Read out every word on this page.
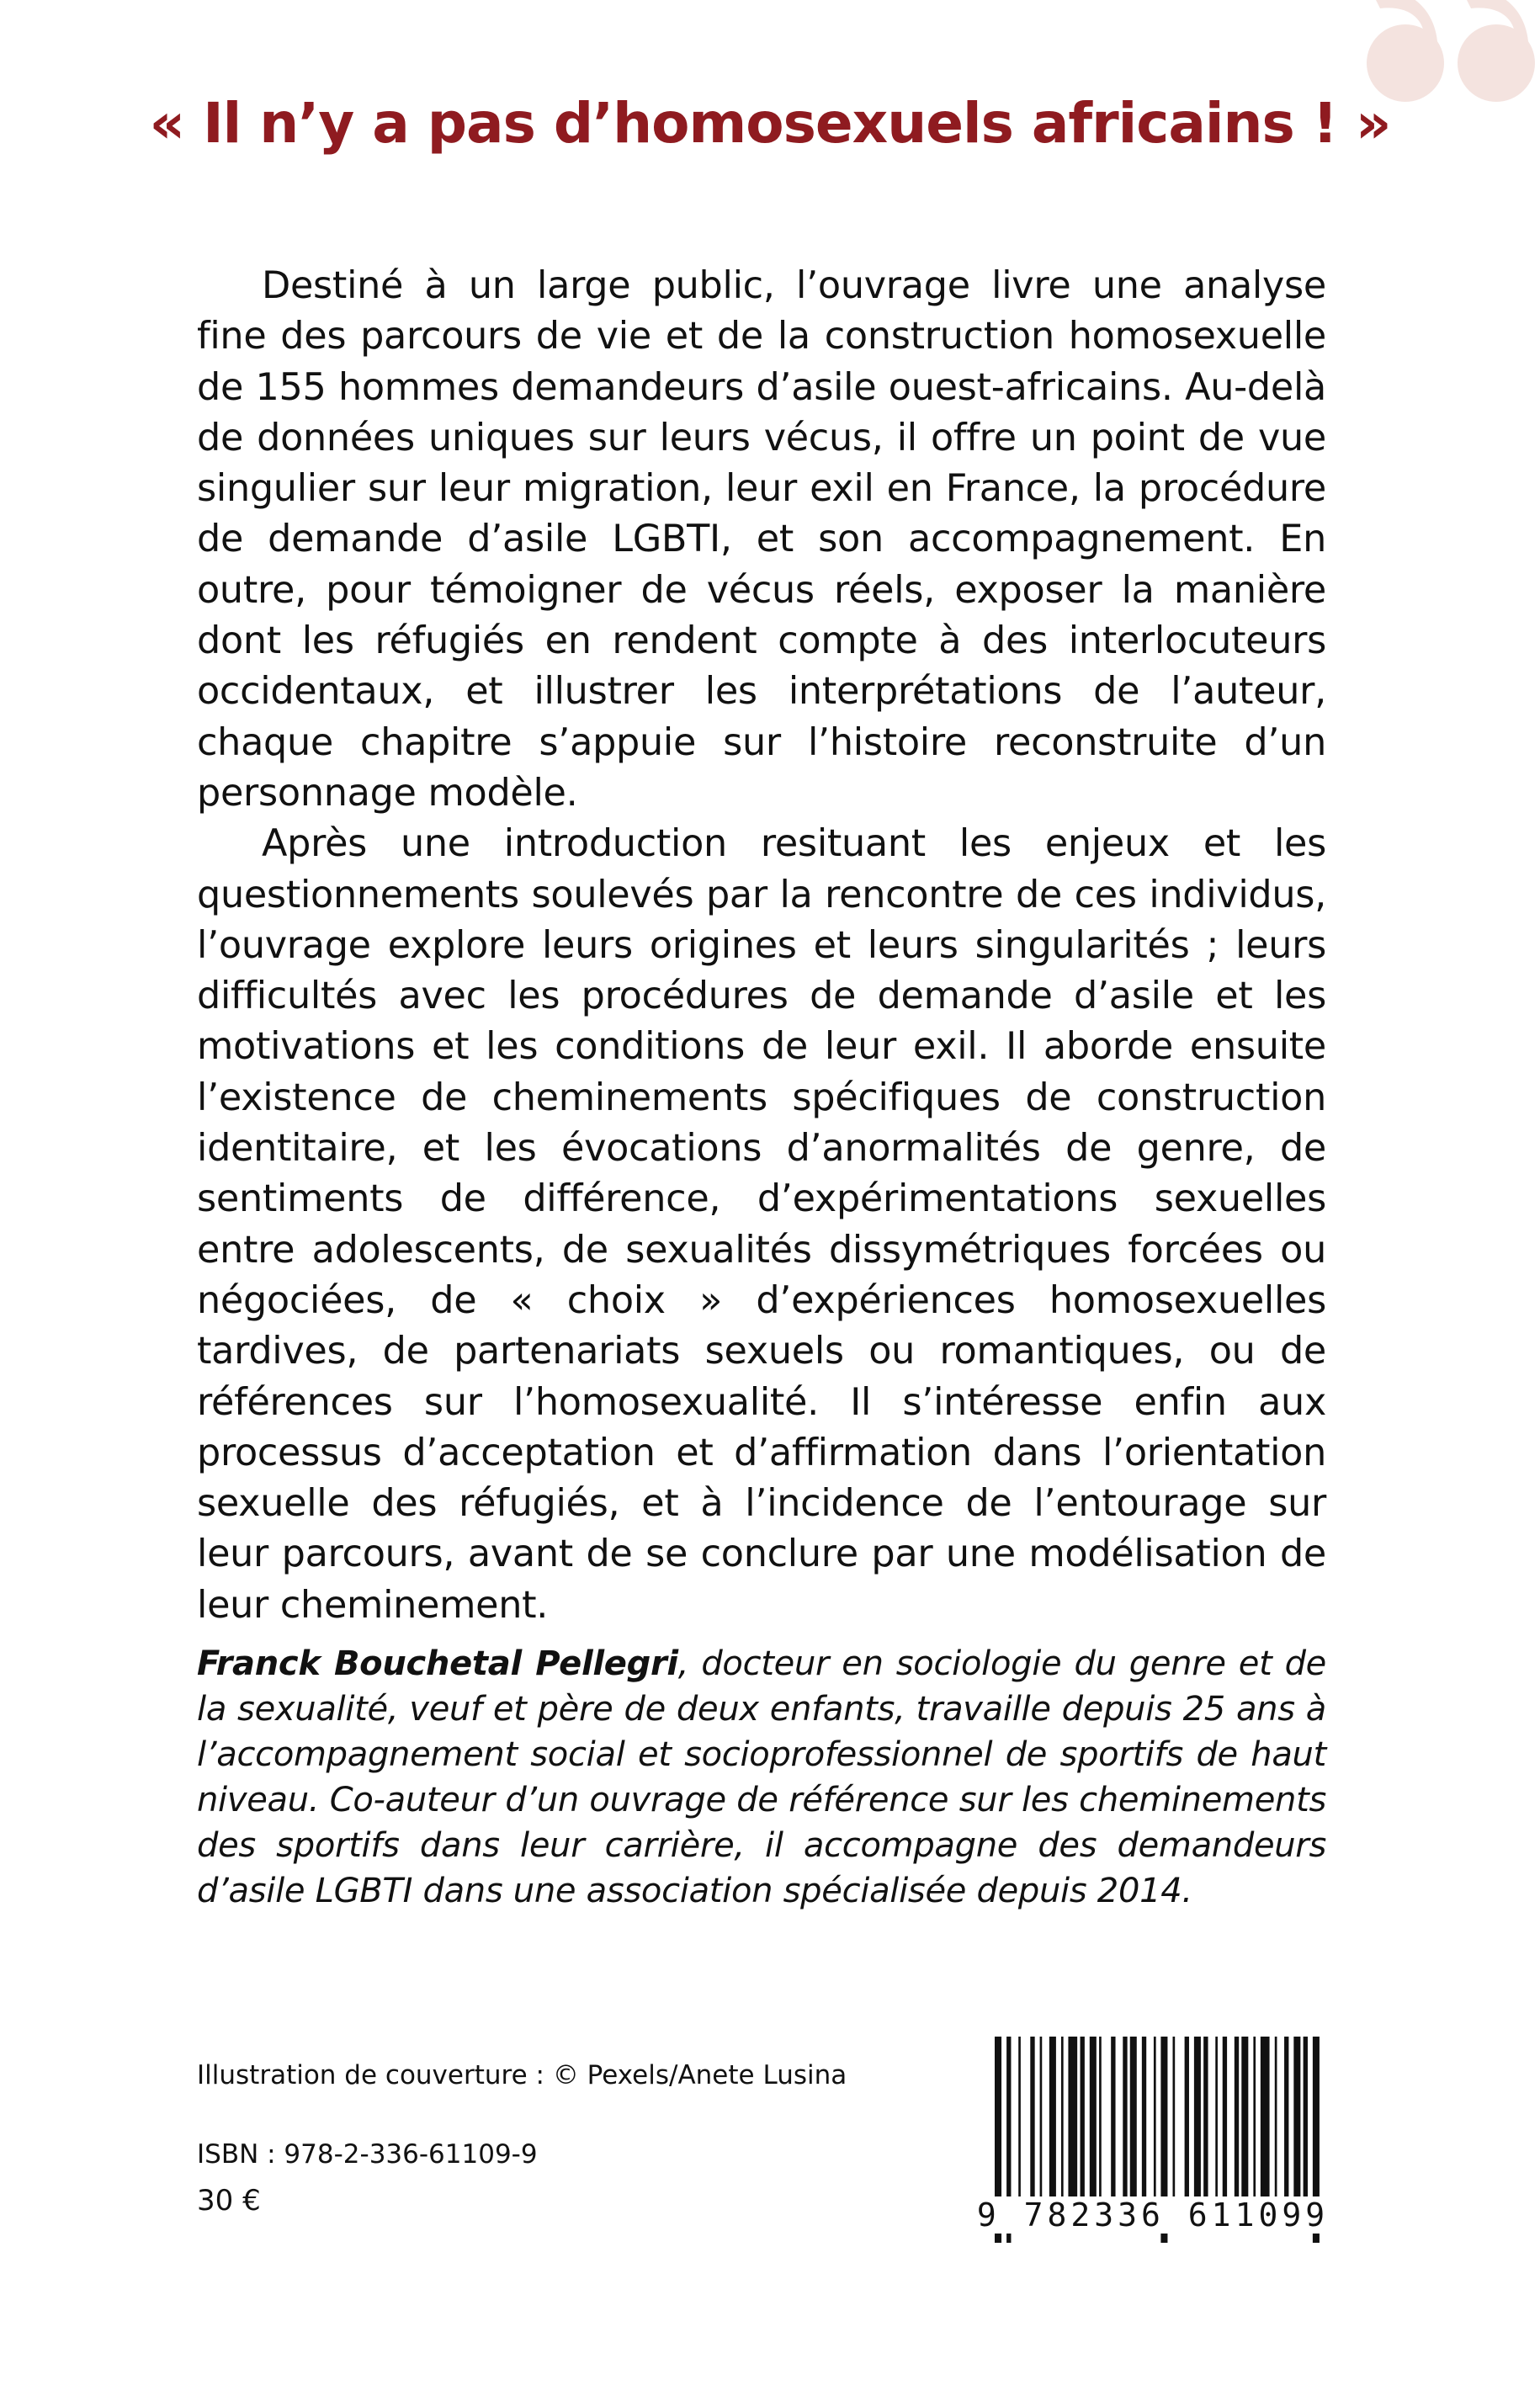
« Il n’y a pas d’homosexuels africains ! »

Destiné à un large public, l’ouvrage livre une analyse fine des parcours de vie et de la construction homosexuelle de 155 hommes demandeurs d’asile ouest-africains. Au-delà de données uniques sur leurs vécus, il offre un point de vue singulier sur leur migration, leur exil en France, la procédure de demande d’asile LGBTI, et son accompagnement. En outre, pour témoigner de vécus réels, exposer la manière dont les réfugiés en rendent compte à des interlocuteurs occidentaux, et illustrer les interprétations de l’auteur, chaque chapitre s’appuie sur l’histoire reconstruite d’un personnage modèle.

Après une introduction resituant les enjeux et les questionnements soulevés par la rencontre de ces individus, l’ouvrage explore leurs origines et leurs singularités ; leurs difficultés avec les procédures de demande d’asile et les motivations et les conditions de leur exil. Il aborde ensuite l’existence de cheminements spécifiques de construction identitaire, et les évocations d’anormalités de genre, de sentiments de différence, d’expérimentations sexuelles entre adolescents, de sexualités dissymétriques forcées ou négociées, de « choix » d’expériences homosexuelles tardives, de partenariats sexuels ou romantiques, ou de références sur l’homosexualité. Il s’intéresse enfin aux processus d’acceptation et d’affirmation dans l’orientation sexuelle des réfugiés, et à l’incidence de l’entourage sur leur parcours, avant de se conclure par une modélisation de leur cheminement.

Franck Bouchetal Pellegri, docteur en sociologie du genre et de la sexualité, veuf et père de deux enfants, travaille depuis 25 ans à l’accompagnement social et socioprofessionnel de sportifs de haut niveau. Co-auteur d’un ouvrage de référence sur les cheminements des sportifs dans leur carrière, il accompagne des demandeurs d’asile LGBTI dans une association spécialisée depuis 2014.

Illustration de couverture : © Pexels/Anete Lusina

ISBN : 978-2-336-61109-9

30 €	9 782336 611099
